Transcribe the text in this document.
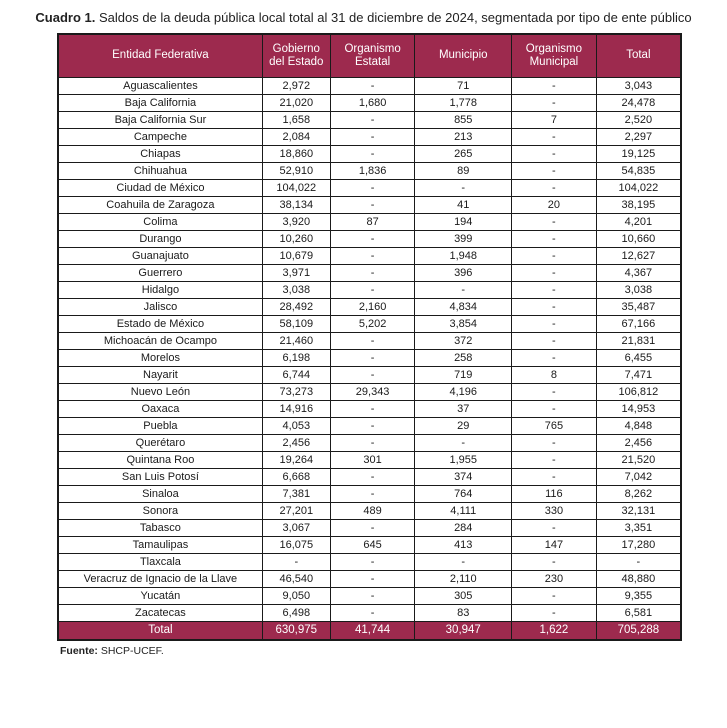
Cuadro 1. Saldos de la deuda pública local total al 31 de diciembre de 2024, segmentada por tipo de ente público
Entidad Federativa	Gobierno del Estado	Organismo Estatal	Municipio	Organismo Municipal	Total
Aguascalientes	2,972	-	71	-	3,043
Baja California	21,020	1,680	1,778	-	24,478
Baja California Sur	1,658	-	855	7	2,520
Campeche	2,084	-	213	-	2,297
Chiapas	18,860	-	265	-	19,125
Chihuahua	52,910	1,836	89	-	54,835
Ciudad de México	104,022	-	-	-	104,022
Coahuila de Zaragoza	38,134	-	41	20	38,195
Colima	3,920	87	194	-	4,201
Durango	10,260	-	399	-	10,660
Guanajuato	10,679	-	1,948	-	12,627
Guerrero	3,971	-	396	-	4,367
Hidalgo	3,038	-	-	-	3,038
Jalisco	28,492	2,160	4,834	-	35,487
Estado de México	58,109	5,202	3,854	-	67,166
Michoacán de Ocampo	21,460	-	372	-	21,831
Morelos	6,198	-	258	-	6,455
Nayarit	6,744	-	719	8	7,471
Nuevo León	73,273	29,343	4,196	-	106,812
Oaxaca	14,916	-	37	-	14,953
Puebla	4,053	-	29	765	4,848
Querétaro	2,456	-	-	-	2,456
Quintana Roo	19,264	301	1,955	-	21,520
San Luis Potosí	6,668	-	374	-	7,042
Sinaloa	7,381	-	764	116	8,262
Sonora	27,201	489	4,111	330	32,131
Tabasco	3,067	-	284	-	3,351
Tamaulipas	16,075	645	413	147	17,280
Tlaxcala	-	-	-	-	-
Veracruz de Ignacio de la Llave	46,540	-	2,110	230	48,880
Yucatán	9,050	-	305	-	9,355
Zacatecas	6,498	-	83	-	6,581
Total	630,975	41,744	30,947	1,622	705,288
Fuente: SHCP-UCEF.
